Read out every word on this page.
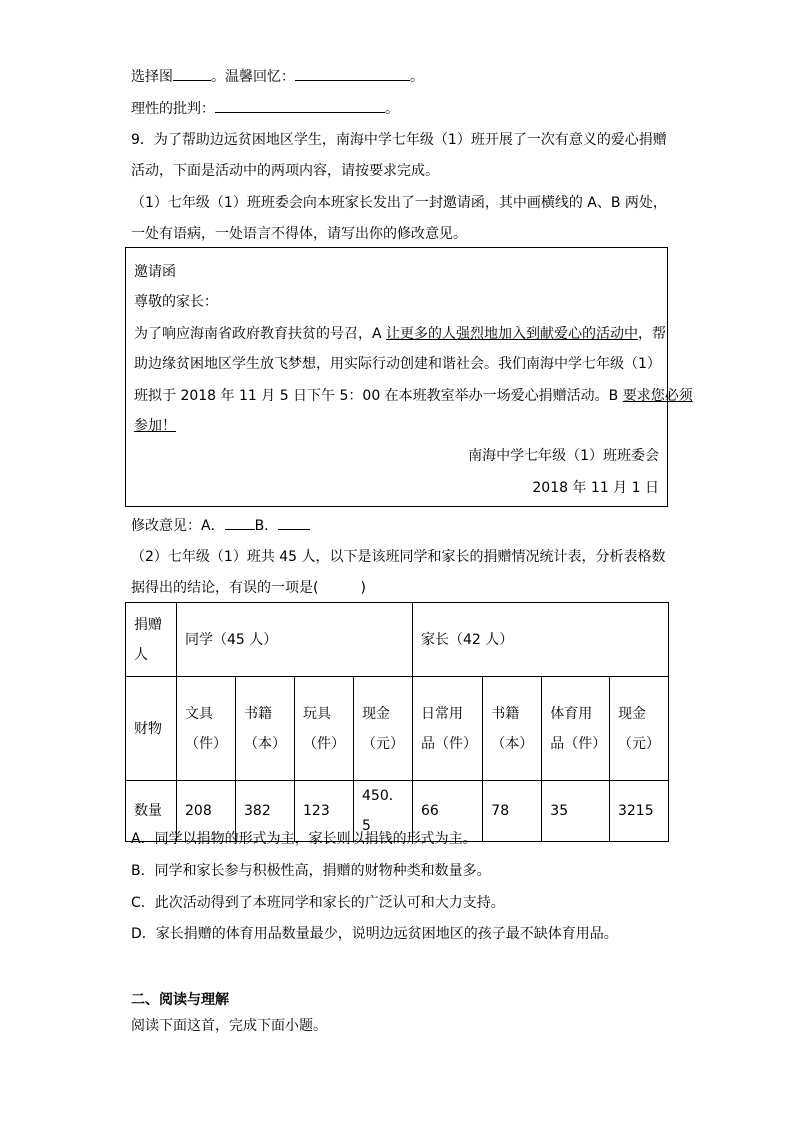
选择图	。温馨回忆：	。
理性的批判：	。
9．为了帮助边远贫困地区学生，南海中学七年级（1）班开展了一次有意义的爱心捐赠
活动，下面是活动中的两项内容，请按要求完成。
（1）七年级（1）班班委会向本班家长发出了一封邀请函，其中画横线的 A、B 两处，
一处有语病，一处语言不得体，请写出你的修改意见。
邀请函
尊敬的家长：
为了响应海南省政府教育扶贫的号召，A 让更多的人强烈地加入到献爱心的活动中，帮
助边缘贫困地区学生放飞梦想，用实际行动创建和谐社会。我们南海中学七年级（1）
班拟于 2018 年 11 月 5 日下午 5：00 在本班教室举办一场爱心捐赠活动。B 要求您必须
参加！
南海中学七年级（1）班班委会
2018 年 11 月 1 日
修改意见：A． B．
（2）七年级（1）班共 45 人，以下是该班同学和家长的捐赠情况统计表，分析表格数
据得出的结论，有误的一项是(　　　)
捐赠人	同学（45 人）				家长（42 人）			
财物	文具（件）	书籍（本）	玩具（件）	现金（元）	日常用品（件）	书籍（本）	体育用品（件）	现金（元）
数量	208	382	123	450．5	66	78	35	3215
A．同学以捐物的形式为主，家长则以捐钱的形式为主。
B．同学和家长参与积极性高，捐赠的财物种类和数量多。
C．此次活动得到了本班同学和家长的广泛认可和大力支持。
D．家长捐赠的体育用品数量最少，说明边远贫困地区的孩子最不缺体育用品。
二、阅读与理解
阅读下面这首，完成下面小题。
